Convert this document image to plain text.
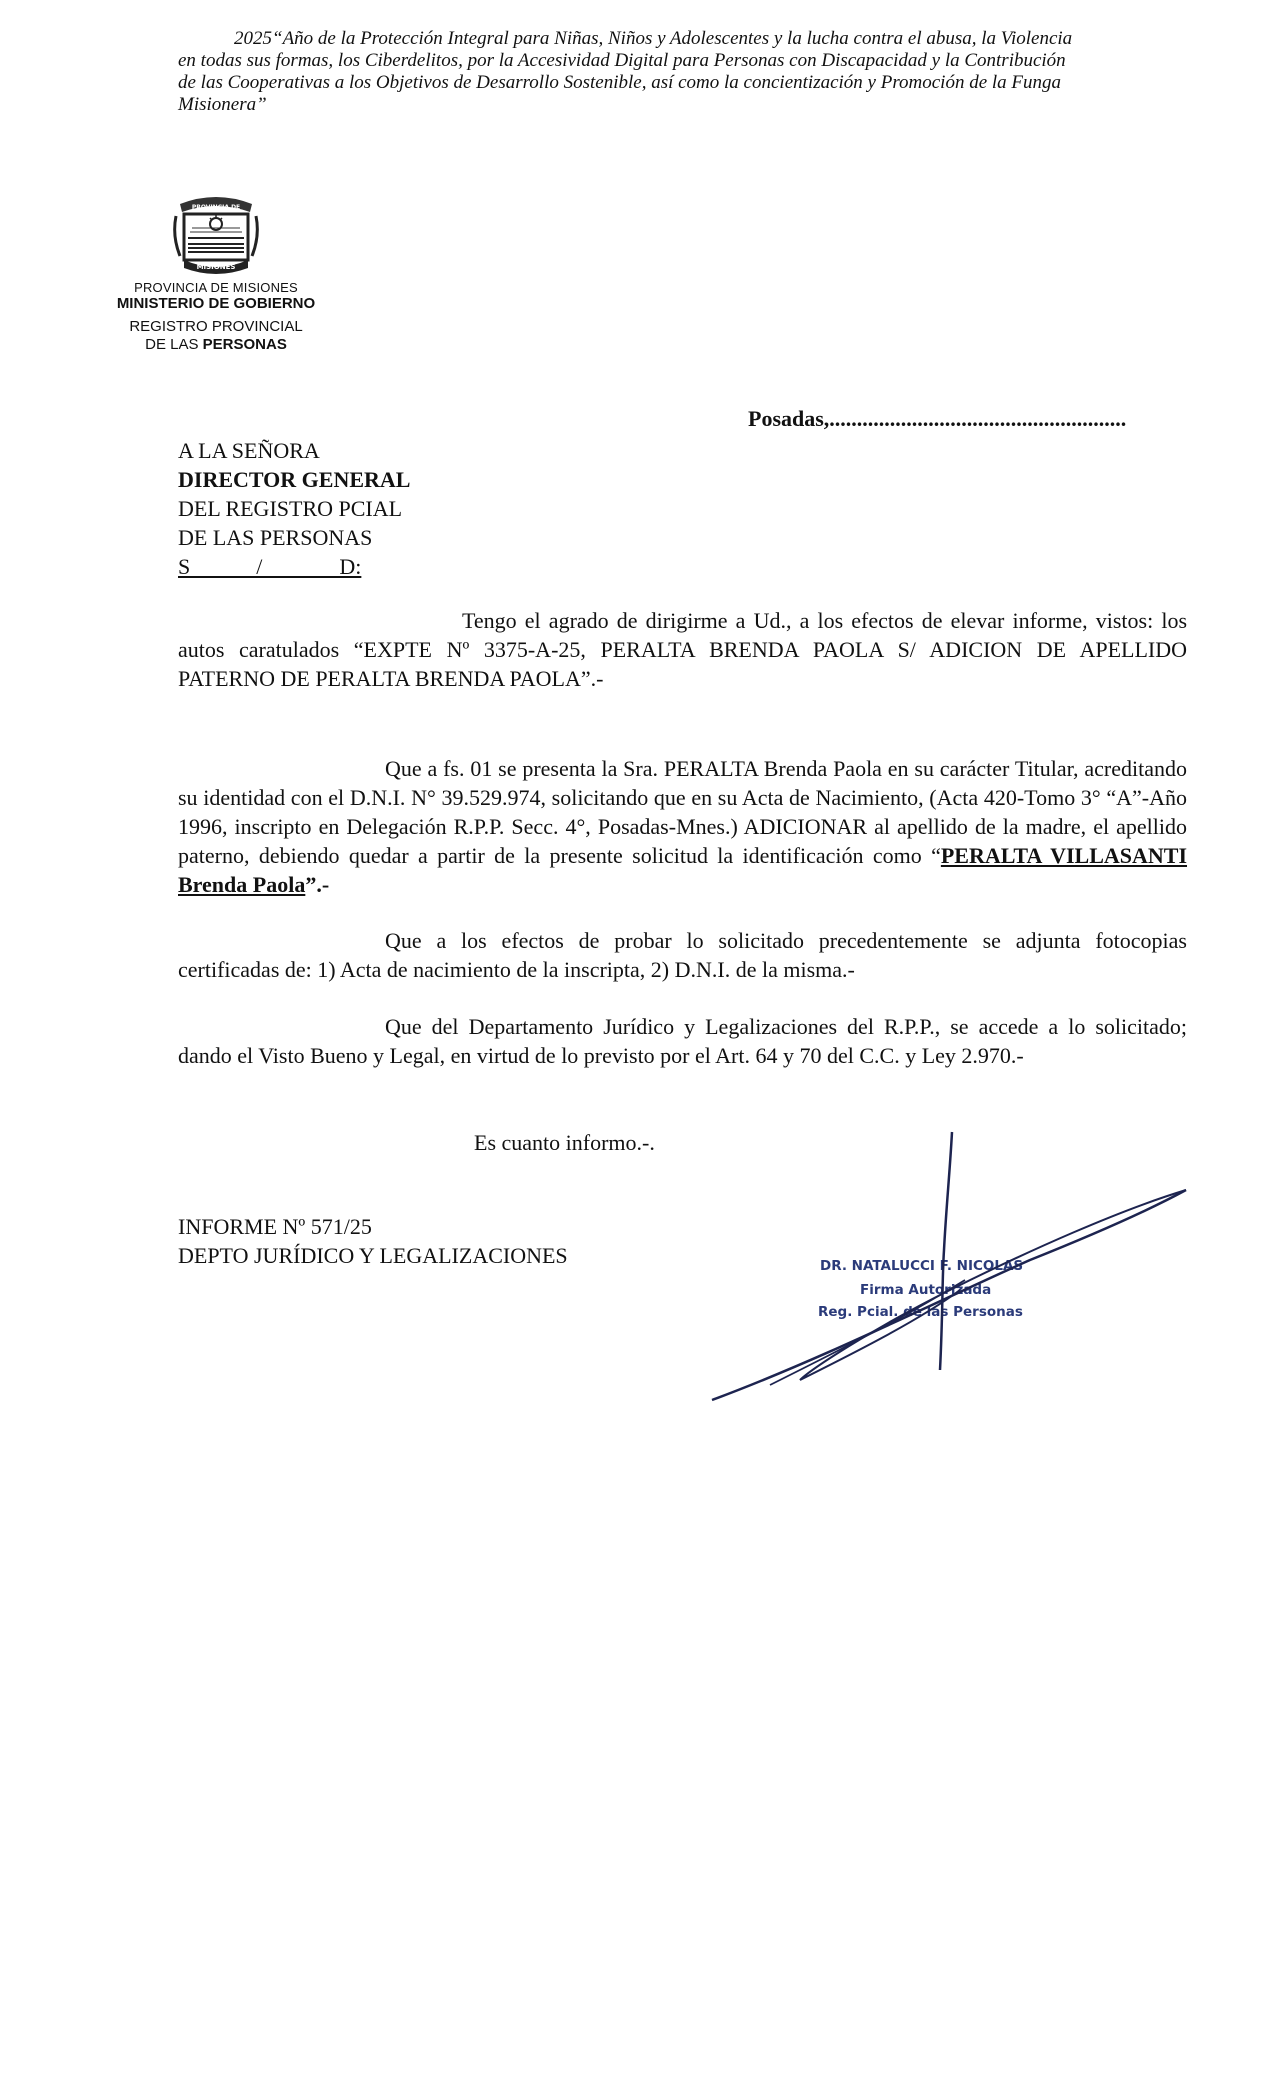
2025“Año de la Protección Integral para Niñas, Niños y Adolescentes y la lucha contra el abusa, la Violencia
en todas sus formas, los Ciberdelitos, por la Accesividad Digital para Personas con Discapacidad y la Contribución
de las Cooperativas a los Objetivos de Desarrollo Sostenible, así como la concientización y Promoción de la Funga
Misionera”
PROVINCIA DE
MISIONES
PROVINCIA DE MISIONES
MINISTERIO DE GOBIERNO
REGISTRO PROVINCIAL
DE LAS PERSONAS
Posadas,......................................................
A LA SEÑORA
DIRECTOR GENERAL
DEL REGISTRO PCIAL
DE LAS PERSONAS
S            /              D:

Tengo el agrado de dirigirme a Ud., a los efectos de elevar informe, vistos: los autos caratulados “EXPTE Nº 3375-A-25, PERALTA BRENDA PAOLA S/ ADICION DE APELLIDO PATERNO DE PERALTA BRENDA PAOLA”.-

Que a fs. 01 se presenta la Sra. PERALTA Brenda Paola en su carácter Titular, acreditando su identidad con el D.N.I. N° 39.529.974, solicitando que en su Acta de Nacimiento, (Acta 420-Tomo 3° “A”-Año 1996, inscripto en Delegación R.P.P. Secc. 4°, Posadas-Mnes.) ADICIONAR al apellido de la madre, el apellido paterno, debiendo quedar a partir de la presente solicitud la identificación como “PERALTA VILLASANTI Brenda Paola”.-

Que a los efectos de probar lo solicitado precedentemente se adjunta fotocopias certificadas de: 1) Acta de nacimiento de la inscripta, 2) D.N.I. de la misma.-

Que del Departamento Jurídico y Legalizaciones del R.P.P., se accede a lo solicitado; dando el Visto Bueno y Legal, en virtud de lo previsto por el Art. 64 y 70 del C.C. y Ley 2.970.-

Es cuanto informo.-.
INFORME Nº 571/25
DEPTO JURÍDICO Y LEGALIZACIONES	DR. NATALUCCI F. NICOLAS
Firma Autorizada
Reg. Pcial. de las Personas
